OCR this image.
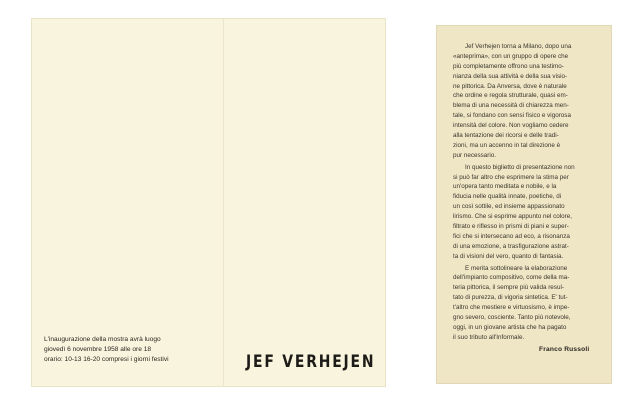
L'inaugurazione della mostra avrà luogo
giovedì 6 novembre 1958 alle ore 18
orario: 10-13 16-20 compresi i giorni festivi	JEF VERHEJEN
Jef Verhejen torna a Milano, dopo una
«anteprima», con un gruppo di opere che
più completamente offrono una testimo-
nianza della sua attività e della sua visio-
ne pittorica. Da Anversa, dove è naturale
che ordine e regola strutturale, quasi em-
blema di una necessità di chiarezza men-
tale, si fondano con sensi fisico e vigorosa
intensità del colore. Non vogliamo cedere
alla tentazione dei ricorsi e delle tradi-
zioni, ma un accenno in tal direzione è
pur necessario.
In questo biglietto di presentazione non
si può far altro che esprimere la stima per
un'opera tanto meditata e nobile, e la
fiducia nelle qualità innate, poetiche, di
un così sottile, ed insieme appassionato
lirismo. Che si esprime appunto nel colore,
filtrato e riflesso in prismi di piani e super-
fici che si intersecano ad eco, a risonanza
di una emozione, a trasfigurazione astrat-
ta di visioni del vero, quanto di fantasia.
E merita sottolineare la elaborazione
dell'impianto compositivo, come della ma-
teria pittorica, il sempre più valida resul-
tato di purezza, di vigoria sintetica. E' tut-
t'altro che mestiere e virtuosismo, è impe-
gno severo, cosciente. Tanto più notevole,
oggi, in un giovane artista che ha pagato
il suo tributo all'Informale.
Franco Russoli
